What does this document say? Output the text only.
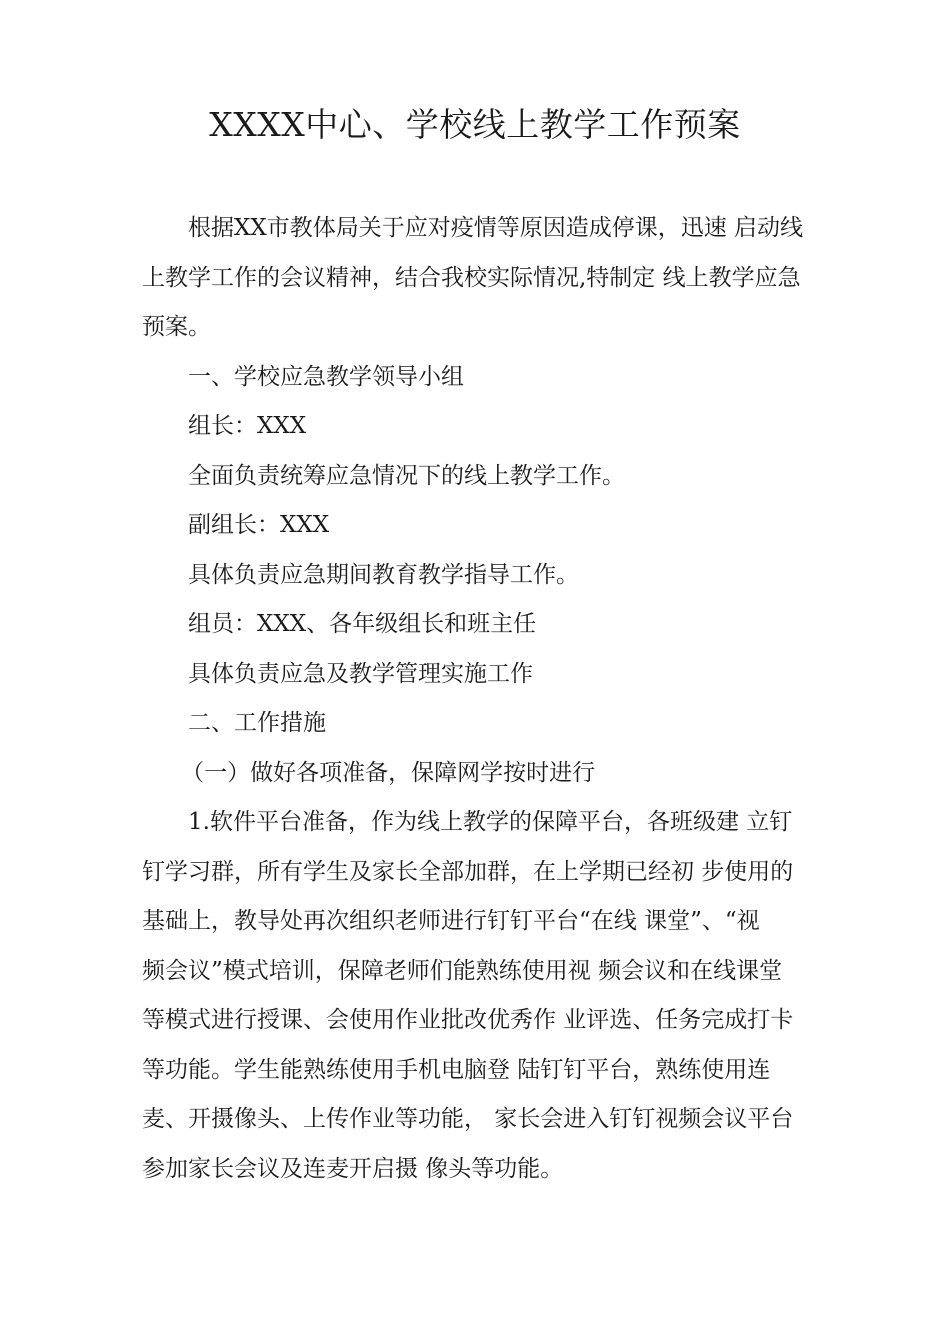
XXXX中心、学校线上教学工作预案
根据XX市教体局关于应对疫情等原因造成停课，迅速 启动线
上教学工作的会议精神，结合我校实际情况,特制定 线上教学应急
预案。
一、学校应急教学领导小组
组长：XXX
全面负责统筹应急情况下的线上教学工作。
副组长：XXX
具体负责应急期间教育教学指导工作。
组员：XXX、各年级组长和班主任
具体负责应急及教学管理实施工作
二、工作措施
（一）做好各项准备，保障网学按时进行
1.软件平台准备，作为线上教学的保障平台，各班级建 立钉
钉学习群，所有学生及家长全部加群，在上学期已经初 步使用的
基础上，教导处再次组织老师进行钉钉平台“在线 课堂”、“视
频会议”模式培训，保障老师们能熟练使用视 频会议和在线课堂
等模式进行授课、会使用作业批改优秀作 业评选、任务完成打卡
等功能。学生能熟练使用手机电脑登 陆钉钉平台，熟练使用连
麦、开摄像头、上传作业等功能， 家长会进入钉钉视频会议平台
参加家长会议及连麦开启摄 像头等功能。
